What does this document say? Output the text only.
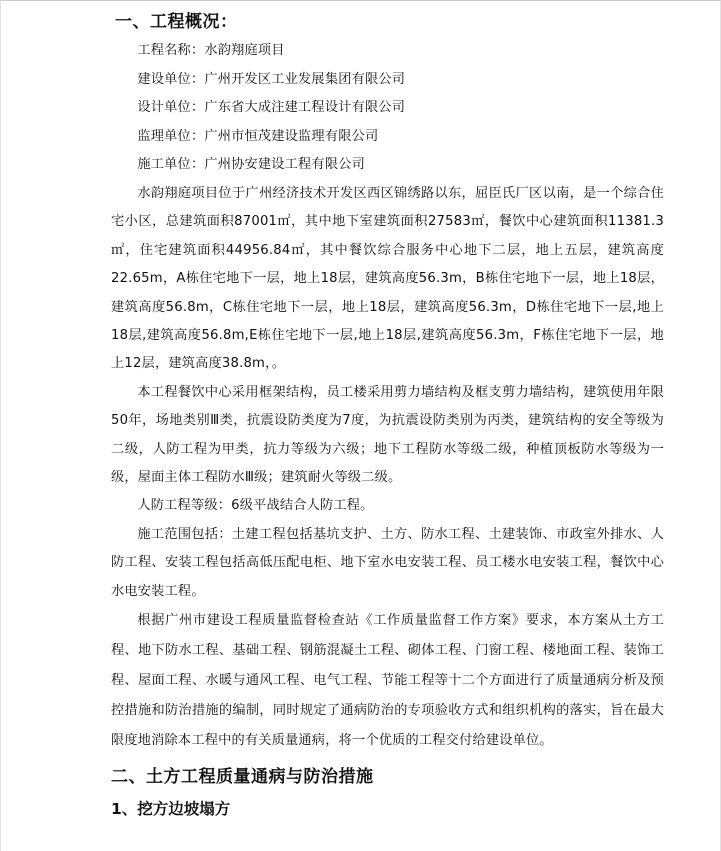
一、工程概况：
工程名称：水韵翔庭项目
建设单位：广州开发区工业发展集团有限公司
设计单位：广东省大成注建工程设计有限公司
监理单位：广州市恒茂建设监理有限公司
施工单位：广州协安建设工程有限公司
水韵翔庭项目位于广州经济技术开发区西区锦绣路以东，屈臣氏厂区以南，是一个综合住宅小区，总建筑面积87001㎡，其中地下室建筑面积27583㎡，餐饮中心建筑面积11381.3㎡，住宅建筑面积44956.84㎡，其中餐饮综合服务中心地下二层，地上五层，建筑高度22.65m，A栋住宅地下一层，地上18层，建筑高度56.3m，B栋住宅地下一层，地上18层，建筑高度56.8m，C栋住宅地下一层，地上18层，建筑高度56.3m，D栋住宅地下一层,地上18层,建筑高度56.8m,E栋住宅地下一层,地上18层,建筑高度56.3m，F栋住宅地下一层，地上12层，建筑高度38.8m，。
本工程餐饮中心采用框架结构，员工楼采用剪力墙结构及框支剪力墙结构，建筑使用年限50年，场地类别Ⅲ类，抗震设防类度为7度，为抗震设防类别为丙类，建筑结构的安全等级为二级，人防工程为甲类，抗力等级为六级；地下工程防水等级二级，种植顶板防水等级为一级，屋面主体工程防水Ⅲ级；建筑耐火等级二级。
人防工程等级：6级平战结合人防工程。
施工范围包括：土建工程包括基坑支护、土方、防水工程、土建装饰、市政室外排水、人防工程、安装工程包括高低压配电柜、地下室水电安装工程、员工楼水电安装工程，餐饮中心水电安装工程。
根据广州市建设工程质量监督检查站《工作质量监督工作方案》要求，本方案从土方工程、地下防水工程、基础工程、钢筋混凝土工程、砌体工程、门窗工程、楼地面工程、装饰工程、屋面工程、水暖与通风工程、电气工程、节能工程等十二个方面进行了质量通病分析及预控措施和防治措施的编制，同时规定了通病防治的专项验收方式和组织机构的落实，旨在最大限度地消除本工程中的有关质量通病，将一个优质的工程交付给建设单位。
二、土方工程质量通病与防治措施
1、挖方边坡塌方
